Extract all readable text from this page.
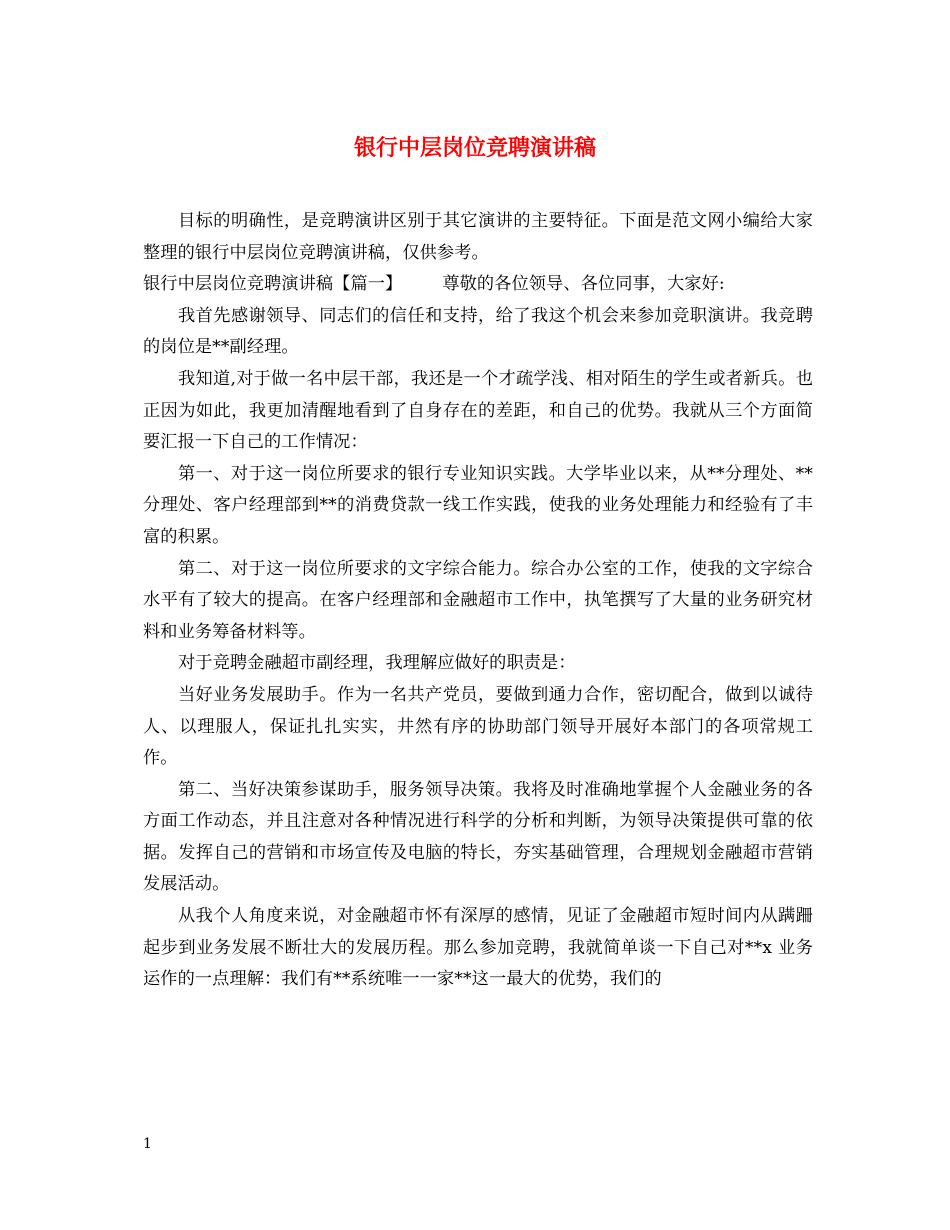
银行中层岗位竞聘演讲稿

目标的明确性，是竞聘演讲区别于其它演讲的主要特征。下面是范文网小编给大家整理的银行中层岗位竞聘演讲稿，仅供参考。

银行中层岗位竞聘演讲稿【篇一】 尊敬的各位领导、各位同事，大家好:

我首先感谢领导、同志们的信任和支持，给了我这个机会来参加竞职演讲。我竞聘的岗位是**副经理。

我知道,对于做一名中层干部，我还是一个才疏学浅、相对陌生的学生或者新兵。也正因为如此，我更加清醒地看到了自身存在的差距，和自己的优势。我就从三个方面简要汇报一下自己的工作情况：

第一、对于这一岗位所要求的银行专业知识实践。大学毕业以来，从**分理处、**分理处、客户经理部到**的消费贷款一线工作实践，使我的业务处理能力和经验有了丰富的积累。

第二、对于这一岗位所要求的文字综合能力。综合办公室的工作，使我的文字综合水平有了较大的提高。在客户经理部和金融超市工作中，执笔撰写了大量的业务研究材料和业务筹备材料等。

对于竞聘金融超市副经理，我理解应做好的职责是：

当好业务发展助手。作为一名共产党员，要做到通力合作，密切配合，做到以诚待人、以理服人，保证扎扎实实，井然有序的协助部门领导开展好本部门的各项常规工作。

第二、当好决策参谋助手，服务领导决策。我将及时准确地掌握个人金融业务的各方面工作动态，并且注意对各种情况进行科学的分析和判断，为领导决策提供可靠的依据。发挥自己的营销和市场宣传及电脑的特长，夯实基础管理，合理规划金融超市营销发展活动。

从我个人角度来说，对金融超市怀有深厚的感情，见证了金融超市短时间内从蹒跚起步到业务发展不断壮大的发展历程。那么参加竞聘，我就简单谈一下自己对**x 业务运作的一点理解：我们有**系统唯一一家**这一最大的优势，我们的

1
